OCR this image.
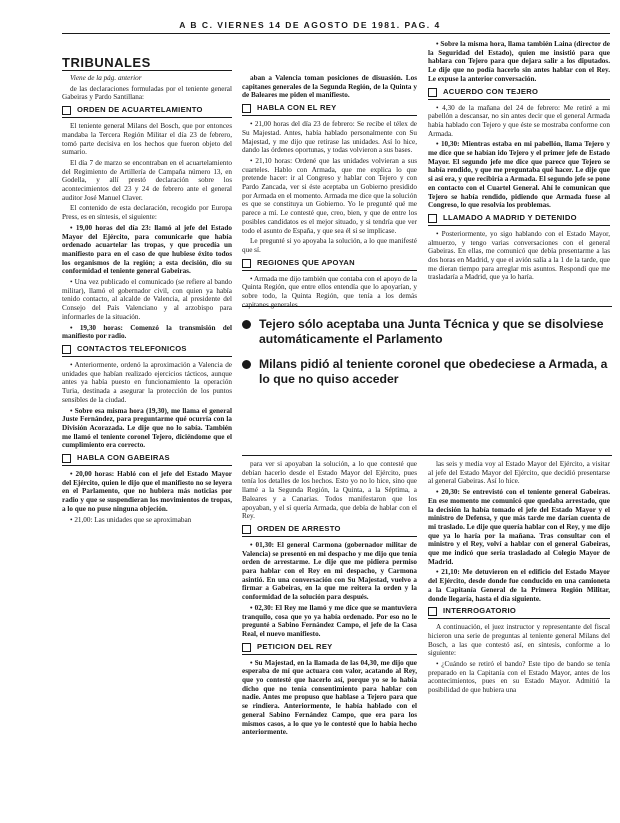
A B C. VIERNES 14 DE AGOSTO DE 1981. PAG. 4
TRIBUNALES

Viene de la pág. anterior

de las declaraciones formuladas por el teniente general Gabeiras y Pardo Santillana:

ORDEN DE ACUARTELAMIENTO

El teniente general Milans del Bosch, que por entonces mandaba la Tercera Región Militar el día 23 de febrero, tomó parte decisiva en los hechos que fueron objeto del sumario.

El día 7 de marzo se encontraban en el acuartelamiento del Regimiento de Artillería de Campaña número 13, en Godella, y allí prestó declaración sobre los acontecimientos del 23 y 24 de febrero ante el general auditor José Manuel Claver.

El contenido de esta declaración, recogido por Europa Press, es en síntesis, el siguiente:

• 19,00 horas del día 23: llamó al jefe del Estado Mayor del Ejército, para comunicarle que había ordenado acuartelar las tropas, y que procedía un manifiesto para en el caso de que hubiese éxito todos los organismos de la región; a esta decisión, dio su conformidad el teniente general Gabeiras.

• Una vez publicado el comunicado (se refiere al bando militar), llamó el gobernador civil, con quien ya había tenido contacto, al alcalde de Valencia, al presidente del Consejo del País Valenciano y al arzobispo para informarles de la situación.

• 19,30 horas: Comenzó la transmisión del manifiesto por radio.

CONTACTOS TELEFONICOS

• Anteriormente, ordenó la aproximación a Valencia de unidades que habían realizado ejercicios tácticos, aunque antes ya había puesto en funcionamiento la operación Turia, destinada a asegurar la protección de los puntos sensibles de la ciudad.

• Sobre esa misma hora (19,30), me llama el general Juste Fernández, para preguntarme qué ocurría con la División Acorazada. Le dije que no lo sabía. También me llamó el teniente coronel Tejero, diciéndome que el cumplimiento era correcto.

HABLA CON GABEIRAS

• 20,00 horas: Habló con el jefe del Estado Mayor del Ejército, quien le dijo que el manifiesto no se leyera en el Parlamento, que no hubiera más noticias por radio y que se suspendieran los movimientos de tropas, a lo que no puse ninguna objeción.

• 21,00: Las unidades que se aproximaban

aban a Valencia toman posiciones de disuasión. Los capitanes generales de la Segunda Región, de la Quinta y de Baleares me piden el manifiesto.

HABLA CON EL REY

• 21,00 horas del día 23 de febrero: Se recibe el télex de Su Majestad. Antes, había hablado personalmente con Su Majestad, y me dijo que retirase las unidades. Así lo hice, dando las órdenes oportunas, y todas volvieron a sus bases.

• 21,10 horas: Ordené que las unidades volvieran a sus cuarteles. Hablo con Armada, que me explica lo que pretende hacer: ir al Congreso y hablar con Tejero y con Pardo Zancada, ver si éste aceptaba un Gobierno presidido por Armada en el momento. Armada me dice que la solución es que se constituya un Gobierno. Yo le pregunté qué me parece a mí. Le contesté que, creo, bien, y que de entre los posibles candidatos es el mejor situado, y si tendría que ver todo el asunto de España, y que sea él si se implicase.

Le pregunté si yo apoyaba la solución, a lo que manifesté que sí.

REGIONES QUE APOYAN

• Armada me dijo también que contaba con el apoyo de la Quinta Región, que entre ellos entendía que lo apoyarían, y sobre todo, la Quinta Región, que tenía a los demás capitanes generales

• Sobre la misma hora, llama también Laina (director de la Seguridad del Estado), quien me insistió para que hablara con Tejero para que dejara salir a los diputados. Le dije que no podía hacerlo sin antes hablar con el Rey. Le expuse la anterior conversación.

ACUERDO CON TEJERO

• 4,30 de la mañana del 24 de febrero: Me retiré a mi pabellón a descansar, no sin antes decir que el general Armada había hablado con Tejero y que éste se mostraba conforme con Armada.

• 10,30: Mientras estaba en mi pabellón, llama Tejero y me dice que se habían ido Tejero y el primer jefe de Estado Mayor. El segundo jefe me dice que parece que Tejero se había rendido, y que me preguntaba qué hacer. Le dije que si así era, y que recibiría a Armada. El segundo jefe se pone en contacto con el Cuartel General. Ahí le comunican que Tejero se había rendido, pidiendo que Armada fuese al Congreso, lo que resolvía los problemas.

LLAMADO A MADRID Y DETENIDO

• Posteriormente, yo sigo hablando con el Estado Mayor, almuerzo, y tengo varias conversaciones con el general Gabeiras. En ellas, me comunicó que debía presentarme a las dos horas en Madrid, y que el avión salía a la 1 de la tarde, que me dieran tiempo para arreglar mis asuntos. Respondí que me trasladaría a Madrid, que ya lo haría.

Tejero sólo aceptaba una Junta Técnica y que se disolviese automáticamente el Parlamento
Milans pidió al teniente coronel que obedeciese a Armada, a lo que no quiso acceder

para ver si apoyaban la solución, a lo que contesté que debían hacerlo desde el Estado Mayor del Ejército, pues tenía los detalles de los hechos. Esto yo no lo hice, sino que llamé a la Segunda Región, la Quinta, a la Séptima, a Baleares y a Canarias. Todos manifestaron que los apoyaban, y el sí quería Armada, que debía de hablar con el Rey.

ORDEN DE ARRESTO

• 01,30: El general Carmona (gobernador militar de Valencia) se presentó en mi despacho y me dijo que tenía orden de arrestarme. Le dije que me pidiera permiso para hablar con el Rey en mi despacho, y Carmona asintió. En una conversación con Su Majestad, vuelvo a firmar a Gabeiras, en la que me reitera la orden y la conformidad de la solución para después.

• 02,30: El Rey me llamó y me dice que se mantuviera tranquilo, cosa que yo ya había ordenado. Por eso no le pregunté a Sabino Fernández Campo, el jefe de la Casa Real, el nuevo manifiesto.

PETICION DEL REY

• Su Majestad, en la llamada de las 04,30, me dijo que esperaba de mí que actuara con valor, acatando al Rey, que yo contesté que hacerlo así, porque yo se lo había dicho que no tenía consentimiento para hablar con nadie. Antes me propuso que hablase a Tejero para que se rindiera. Anteriormente, le había hablado con el general Sabino Fernández Campo, que era para los mismos casos, a lo que yo le contesté que lo había hecho anteriormente.

las seis y media voy al Estado Mayor del Ejército, a visitar al jefe del Estado Mayor del Ejército, que decidió presentarse al general Gabeiras. Así lo hice.

• 20,30: Se entrevistó con el teniente general Gabeiras. En ese momento me comunicó que quedaba arrestado, que la decisión la había tomado el jefe del Estado Mayor y el ministro de Defensa, y que más tarde me darían cuenta de mi traslado. Le dije que quería hablar con el Rey, y me dijo que ya lo haría por la mañana. Tras consultar con el ministro y el Rey, volví a hablar con el general Gabeiras, que me indicó que sería trasladado al Colegio Mayor de Madrid.

• 21,10: Me detuvieron en el edificio del Estado Mayor del Ejército, desde donde fue conducido en una camioneta a la Capitanía General de la Primera Región Militar, donde llegaría, hasta el día siguiente.

INTERROGATORIO

A continuación, el juez instructor y representante del fiscal hicieron una serie de preguntas al teniente general Milans del Bosch, a las que contestó así, en síntesis, conforme a lo siguiente:

• ¿Cuándo se retiró el bando? Este tipo de bando se tenía preparado en la Capitanía con el Estado Mayor, antes de los acontecimientos, pues en su Estado Mayor. Admitió la posibilidad de que hubiera una
